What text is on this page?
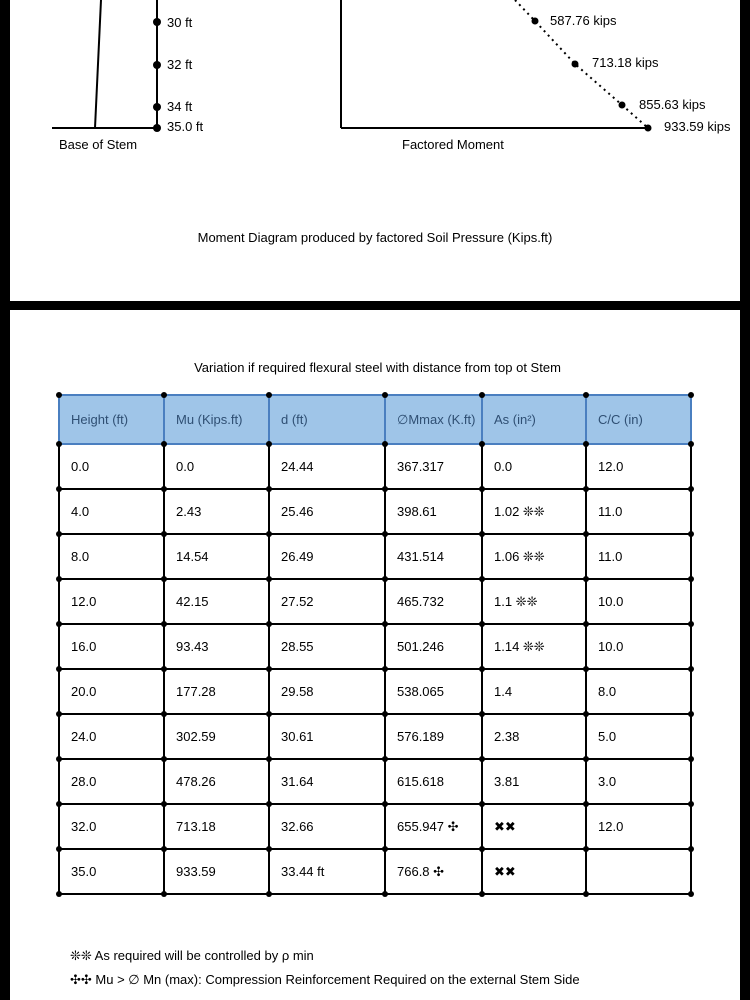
30 ft
32 ft
34 ft
35.0 ft
Base of Stem
587.76 kips
713.18 kips
855.63 kips
933.59 kips
Factored Moment
Moment Diagram produced by factored Soil Pressure (Kips.ft)
Variation if required flexural steel with distance from top ot Stem
Height (ft)	Mu (Kips.ft)	d (ft)	∅Mmax (K.ft)	As (in²)	C/C (in)
0.0	0.0	24.44	367.317	0.0	12.0
4.0	2.43	25.46	398.61	1.02 ❊❊	11.0
8.0	14.54	26.49	431.514	1.06 ❊❊	11.0
12.0	42.15	27.52	465.732	1.1 ❊❊	10.0
16.0	93.43	28.55	501.246	1.14 ❊❊	10.0
20.0	177.28	29.58	538.065	1.4	8.0
24.0	302.59	30.61	576.189	2.38	5.0
28.0	478.26	31.64	615.618	3.81	3.0
32.0	713.18	32.66	655.947 ✣	✖✖	12.0
35.0	933.59	33.44 ft	766.8 ✣	✖✖	
❊❊ As required will be controlled by ρ min
✣✣ Mu > ∅ Mn (max): Compression Reinforcement Required on the external Stem Side
